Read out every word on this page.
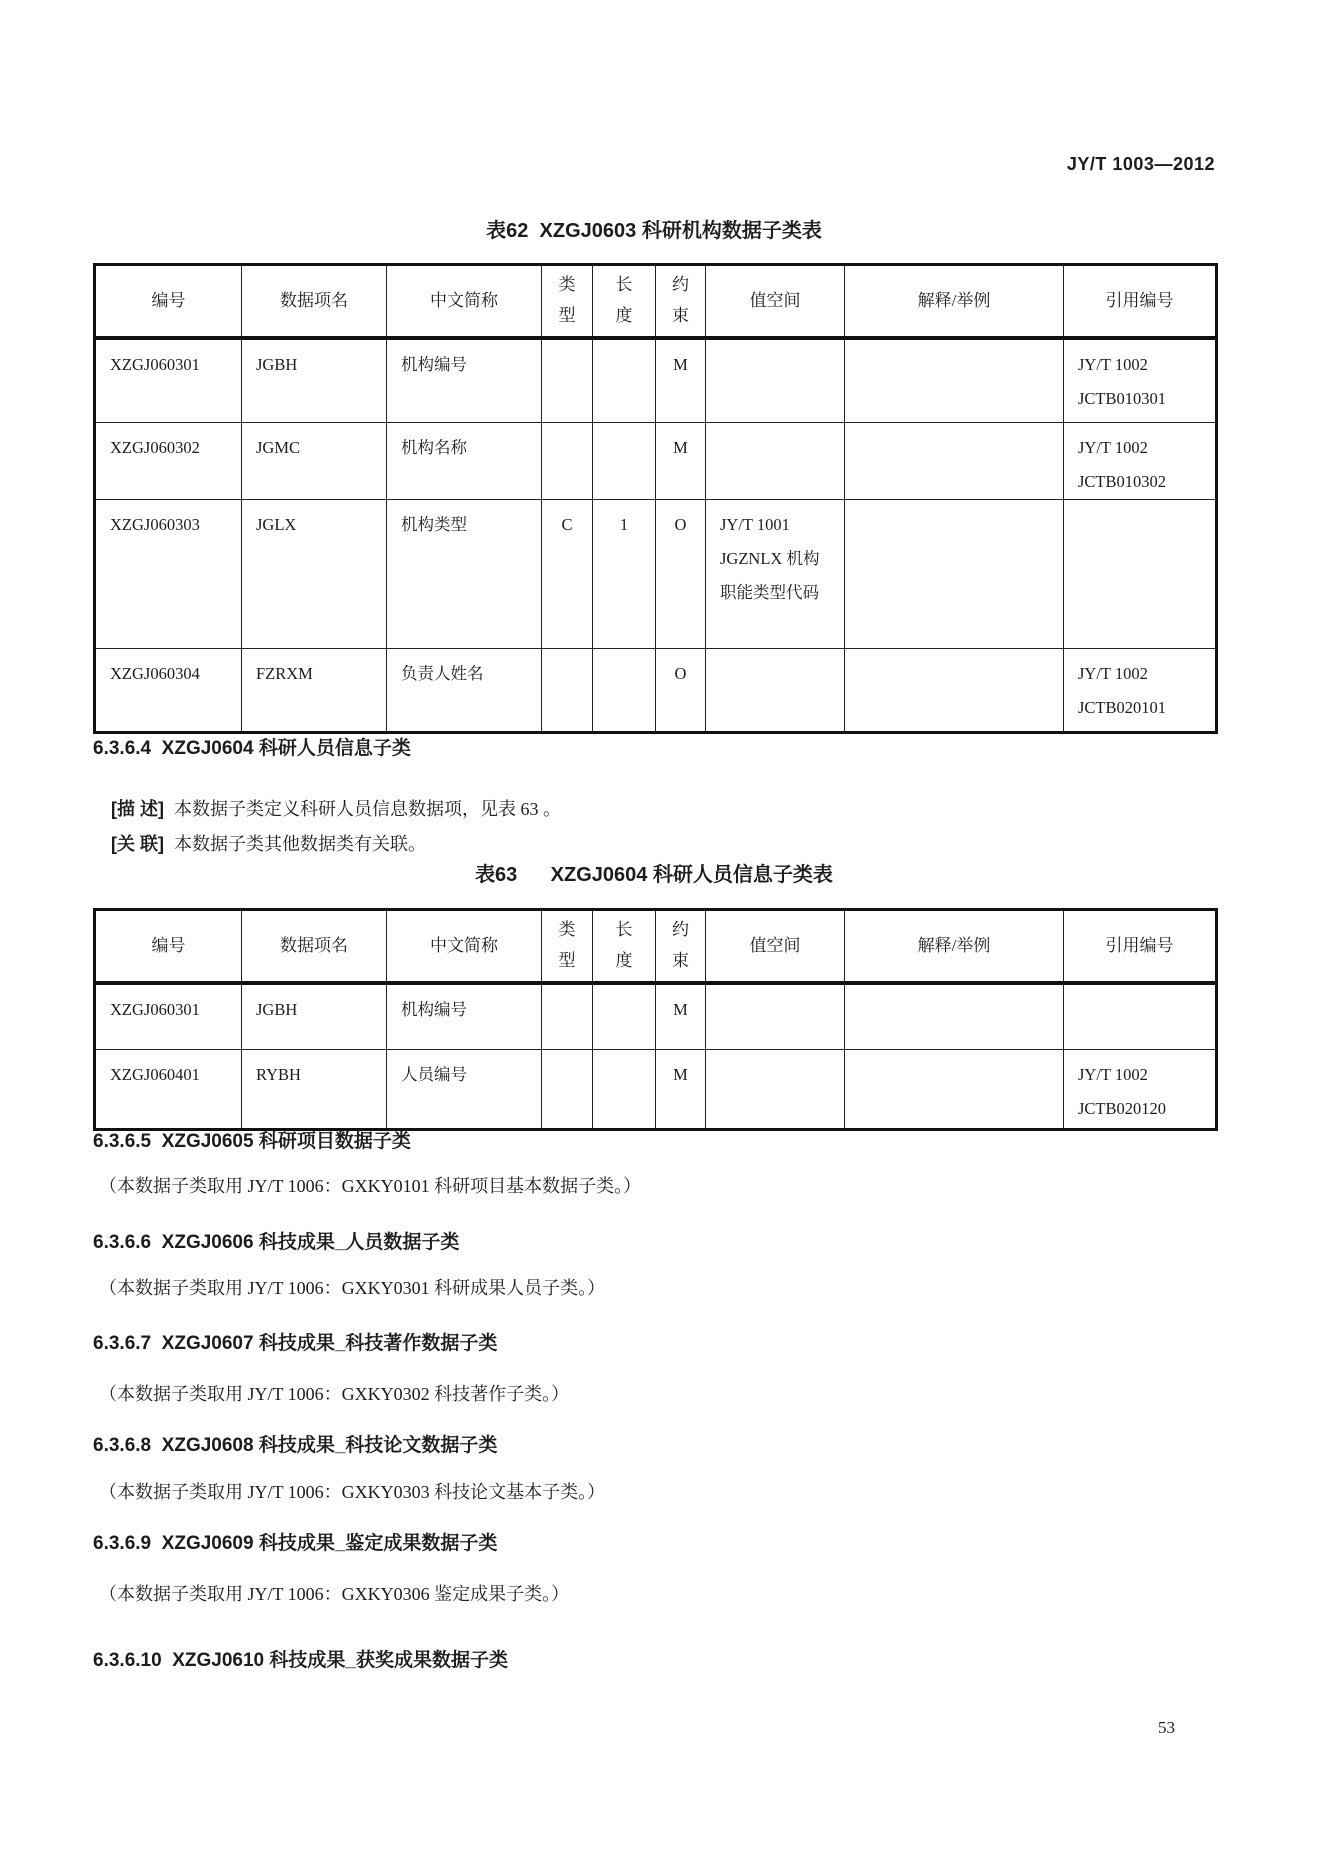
JY/T 1003—2012
表62  XZGJ0603 科研机构数据子类表
编号	数据项名	中文简称	类型	长度	约束	值空间	解释/举例	引用编号
XZGJ060301	JGBH	机构编号			M			JY/T 1002 JCTB010301
XZGJ060302	JGMC	机构名称			M			JY/T 1002 JCTB010302
XZGJ060303	JGLX	机构类型	C	1	O	JY/T 1001 JGZNLX 机构职能类型代码		
XZGJ060304	FZRXM	负责人姓名			O			JY/T 1002 JCTB020101
6.3.6.4  XZGJ0604 科研人员信息子类

[描 述] 本数据子类定义科研人员信息数据项，见表 63 。

[关 联] 本数据子类其他数据类有关联。

表63      XZGJ0604 科研人员信息子类表
编号	数据项名	中文简称	类型	长度	约束	值空间	解释/举例	引用编号
XZGJ060301	JGBH	机构编号			M			
XZGJ060401	RYBH	人员编号			M			JY/T 1002 JCTB020120
6.3.6.5  XZGJ0605 科研项目数据子类
（本数据子类取用 JY/T 1006：GXKY0101 科研项目基本数据子类。）
6.3.6.6  XZGJ0606 科技成果_人员数据子类
（本数据子类取用 JY/T 1006：GXKY0301 科研成果人员子类。）
6.3.6.7  XZGJ0607 科技成果_科技著作数据子类
（本数据子类取用 JY/T 1006：GXKY0302 科技著作子类。）
6.3.6.8  XZGJ0608 科技成果_科技论文数据子类
（本数据子类取用 JY/T 1006：GXKY0303 科技论文基本子类。）
6.3.6.9  XZGJ0609 科技成果_鉴定成果数据子类
（本数据子类取用 JY/T 1006：GXKY0306 鉴定成果子类。）
6.3.6.10  XZGJ0610 科技成果_获奖成果数据子类
53
